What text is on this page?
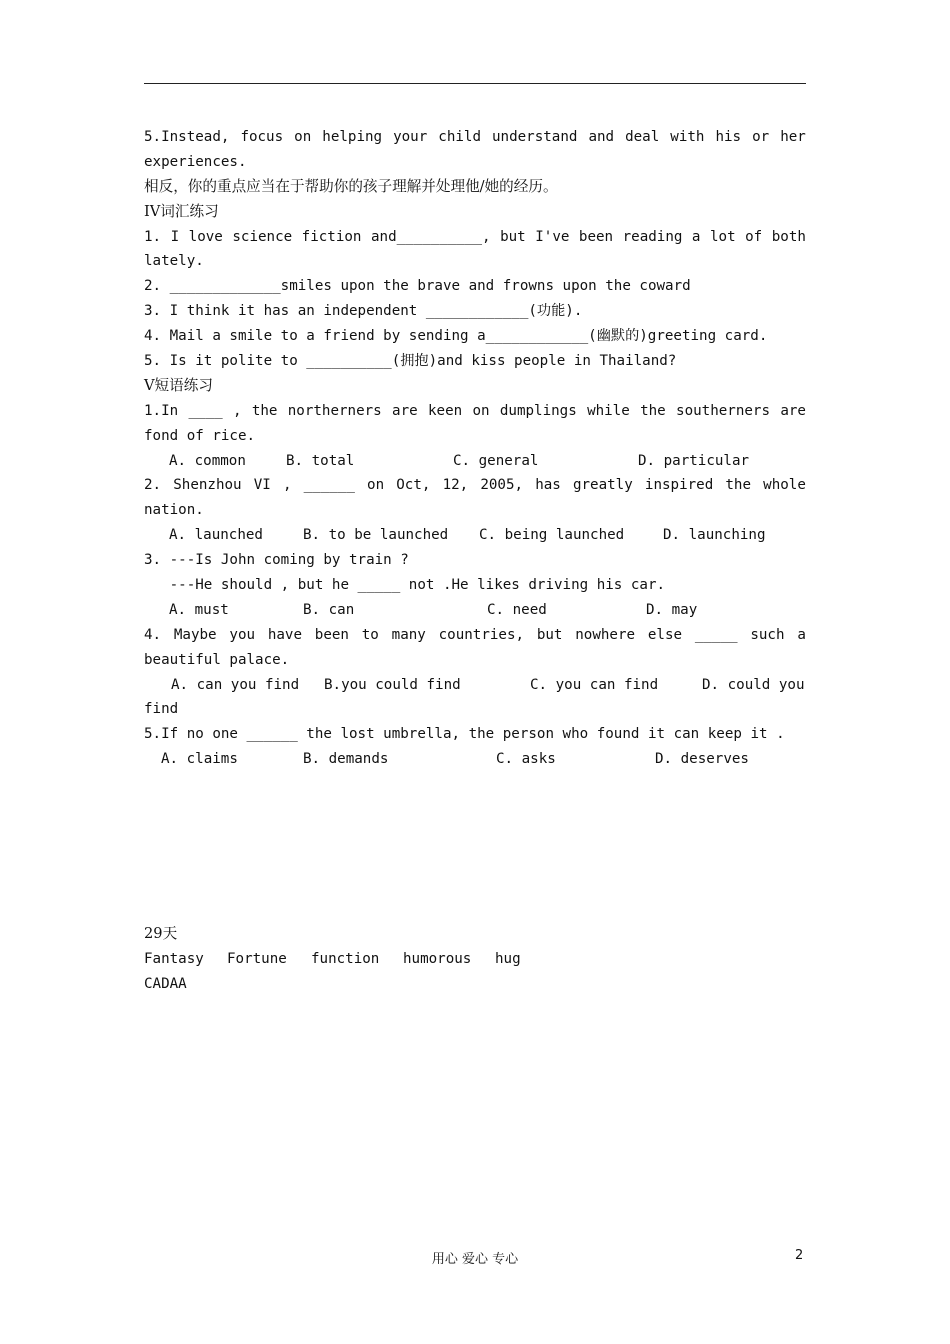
5.Instead, focus on helping your child understand and deal with his or her
experiences.
相反，你的重点应当在于帮助你的孩子理解并处理他/她的经历。
IV词汇练习
1. I love science fiction and__________, but I've been reading a lot of both
lately.
2. _____________smiles upon the brave and frowns upon the coward
3. I think it has an independent ____________(功能).
4. Mail a smile to a friend by sending a____________(幽默的)greeting card.
5. Is it polite to __________(拥抱)and kiss people in Thailand?
V短语练习
1.In ____ , the northerners are keen on dumplings while the southerners are
fond of rice.

A. common

	B. total

	C. general

	D. particular

2. Shenzhou VI , ______ on Oct, 12, 2005, has greatly inspired the whole
nation.

A. launched

	B. to be launched

C. being launched

	D. launching

3. ---Is John coming by train ?
---He should , but he _____ not .He likes driving his car.

A. must

	B. can

	C. need

	D. may

4. Maybe you have been to many countries, but nowhere else _____ such a
beautiful palace.

A. can you find

B.you could find

	C. you can find

	D. could you

find
5.If no one ______ the lost umbrella, the person who found it can keep it .

A. claims

	B. demands

	C. asks

	D. deserves

29天

Fantasy

Fortune

function

humorous

hug

CADAA
用心 爱心 专心	2
